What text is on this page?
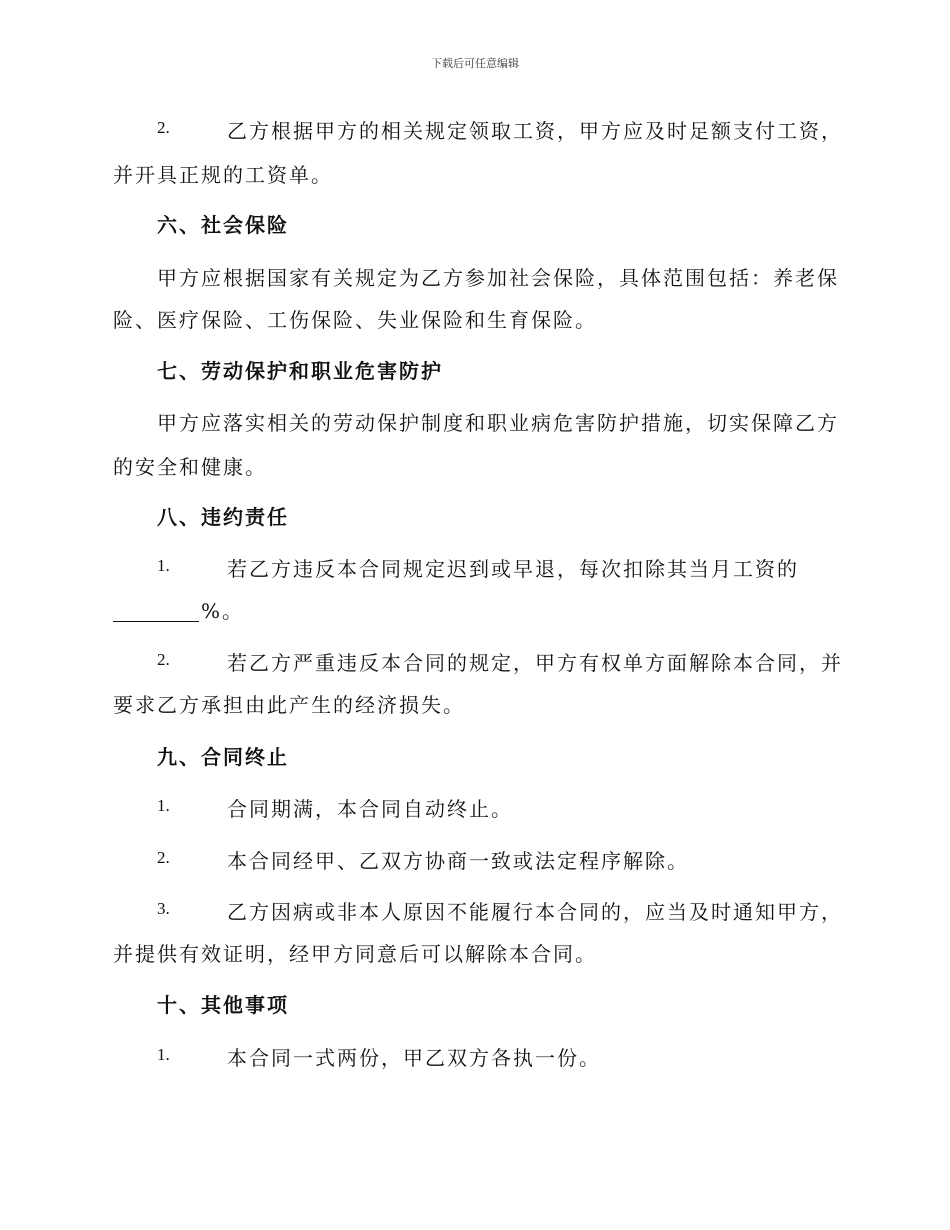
下载后可任意编辑
2.	乙方根据甲方的相关规定领取工资，甲方应及时足额支付工资，
并开具正规的工资单。
六、社会保险
甲方应根据国家有关规定为乙方参加社会保险，具体范围包括：养老保
险、医疗保险、工伤保险、失业保险和生育保险。
七、劳动保护和职业危害防护
甲方应落实相关的劳动保护制度和职业病危害防护措施，切实保障乙方
的安全和健康。
八、违约责任
1.	若乙方违反本合同规定迟到或早退，每次扣除其当月工资的
%。
2.	若乙方严重违反本合同的规定，甲方有权单方面解除本合同，并
要求乙方承担由此产生的经济损失。
九、合同终止
1.	合同期满，本合同自动终止。
2.	本合同经甲、乙双方协商一致或法定程序解除。
3.	乙方因病或非本人原因不能履行本合同的，应当及时通知甲方，
并提供有效证明，经甲方同意后可以解除本合同。
十、其他事项
1.	本合同一式两份，甲乙双方各执一份。
